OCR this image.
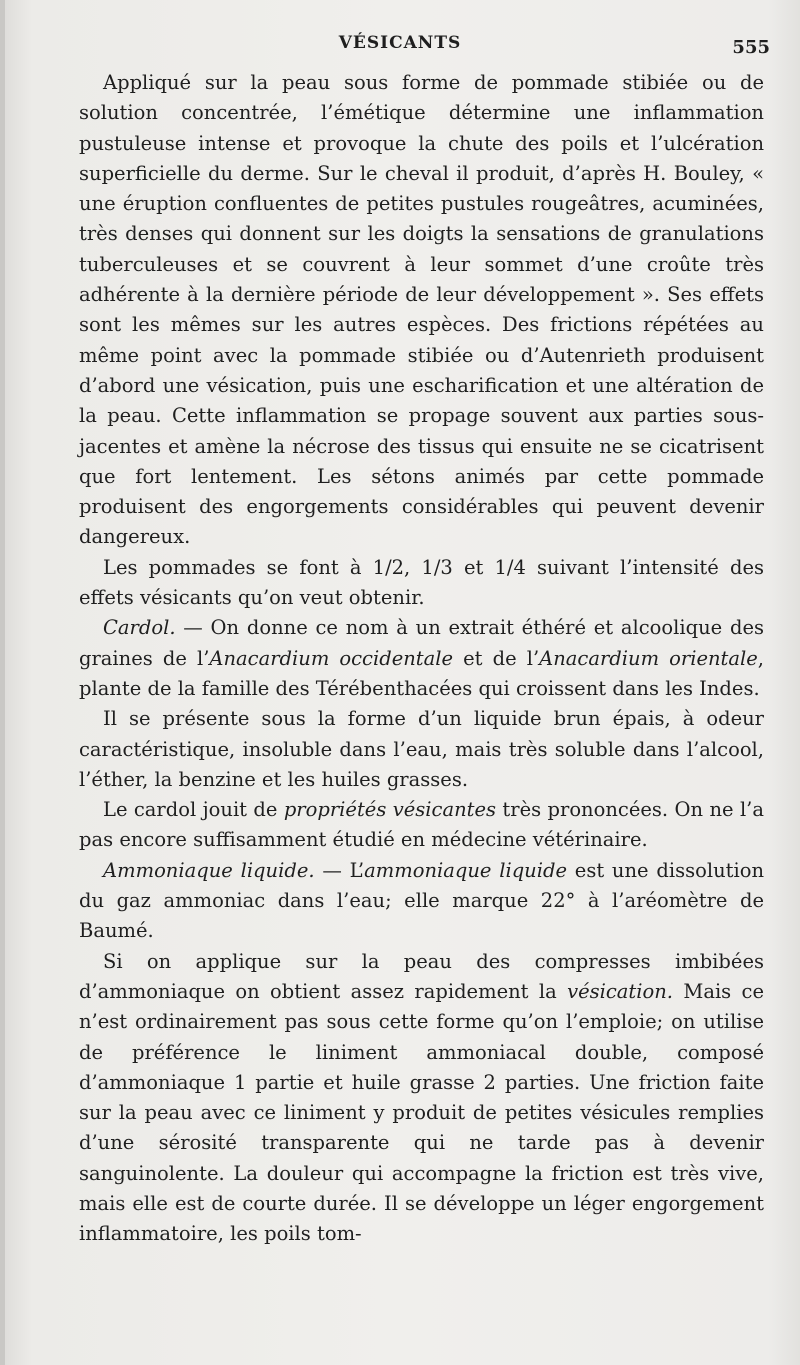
VÉSICANTS	555

Appliqué sur la peau sous forme de pommade stibiée ou de solution concentrée, l’émétique détermine une inflammation pustuleuse intense et provoque la chute des poils et l’ulcération superficielle du derme. Sur le cheval il produit, d’après H. Bouley, « une éruption confluentes de petites pustules rougeâtres, acuminées, très denses qui donnent sur les doigts la sensations de granulations tuberculeuses et se couvrent à leur sommet d’une croûte très adhérente à la dernière période de leur développement ». Ses effets sont les mêmes sur les autres espèces. Des frictions répétées au même point avec la pommade stibiée ou d’Autenrieth produisent d’abord une vésication, puis une escharification et une altération de la peau. Cette inflammation se propage souvent aux parties sous-jacentes et amène la nécrose des tissus qui ensuite ne se cicatrisent que fort lentement. Les sétons animés par cette pommade produisent des engorgements considérables qui peuvent devenir dangereux.

Les pommades se font à 1/2, 1/3 et 1/4 suivant l’intensité des effets vésicants qu’on veut obtenir.

Cardol. — On donne ce nom à un extrait éthéré et alcoolique des graines de l’Anacardium occidentale et de l’Anacardium orientale, plante de la famille des Térébenthacées qui croissent dans les Indes.

Il se présente sous la forme d’un liquide brun épais, à odeur caractéristique, insoluble dans l’eau, mais très soluble dans l’alcool, l’éther, la benzine et les huiles grasses.

Le cardol jouit de propriétés vésicantes très prononcées. On ne l’a pas encore suffisamment étudié en médecine vétérinaire.

Ammoniaque liquide. — L’ammoniaque liquide est une dissolution du gaz ammoniac dans l’eau; elle marque 22° à l’aréomètre de Baumé.

Si on applique sur la peau des compresses imbibées d’ammoniaque on obtient assez rapidement la vésication. Mais ce n’est ordinairement pas sous cette forme qu’on l’emploie; on utilise de préférence le liniment ammoniacal double, composé d’ammoniaque 1 partie et huile grasse 2 parties. Une friction faite sur la peau avec ce liniment y produit de petites vésicules remplies d’une sérosité transparente qui ne tarde pas à devenir sanguinolente. La douleur qui accompagne la friction est très vive, mais elle est de courte durée. Il se développe un léger engorgement inflammatoire, les poils tom-
